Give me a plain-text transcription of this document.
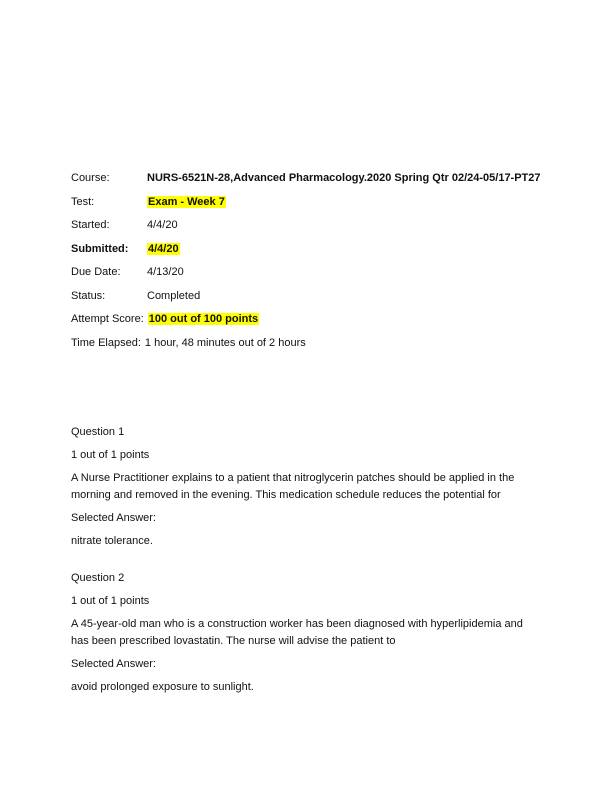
Course:	NURS-6521N-28,Advanced Pharmacology.2020 Spring Qtr 02/24-05/17-PT27
Test:	Exam - Week 7
Started:	4/4/20
Submitted:	4/4/20
Due Date:	4/13/20
Status:	Completed
Attempt Score: 100 out of 100 points
Time Elapsed: 1 hour, 48 minutes out of 2 hours
Question 1
1 out of 1 points
A Nurse Practitioner explains to a patient that nitroglycerin patches should be applied in the morning and removed in the evening. This medication schedule reduces the potential for
Selected Answer:
nitrate tolerance.
Question 2
1 out of 1 points
A 45-year-old man who is a construction worker has been diagnosed with hyperlipidemia and has been prescribed lovastatin. The nurse will advise the patient to
Selected Answer:
avoid prolonged exposure to sunlight.
